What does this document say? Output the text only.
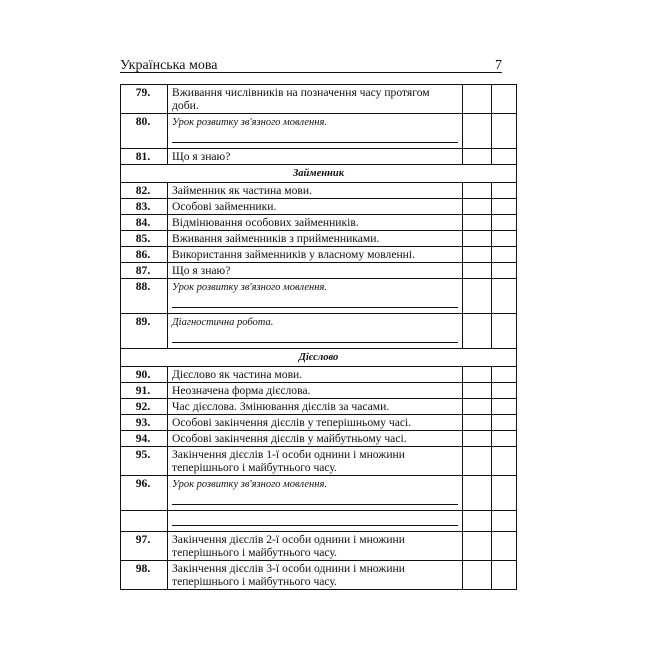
Українська мова	7
79.	Вживання числівників на позначення часу протягом доби.		
80.	Урок розвитку зв'язного мовлення.

81.	Що я знаю?		
Займенник			
82.	Займенник як частина мови.		
83.	Особові займенники.		
84.	Відмінювання особових займенників.		
85.	Вживання займенників з прийменниками.		
86.	Використання займенників у власному мовленні.		
87.	Що я знаю?		
88.	Урок розвитку зв'язного мовлення.

89.	Діагностична робота.

Дієслово			
90.	Дієслово як частина мови.		
91.	Неозначена форма дієслова.		
92.	Час дієслова. Змінювання дієслів за часами.		
93.	Особові закінчення дієслів у теперішньому часі.		
94.	Особові закінчення дієслів у майбутньому часі.		
95.	Закінчення дієслів 1-ї особи однини і множини теперішнього і майбутнього часу.		
96.	Урок розвитку зв'язного мовлення.

97.	Закінчення дієслів 2-ї особи однини і множини теперішнього і майбутнього часу.		
98.	Закінчення дієслів 3-ї особи однини і множини теперішнього і майбутнього часу.		
